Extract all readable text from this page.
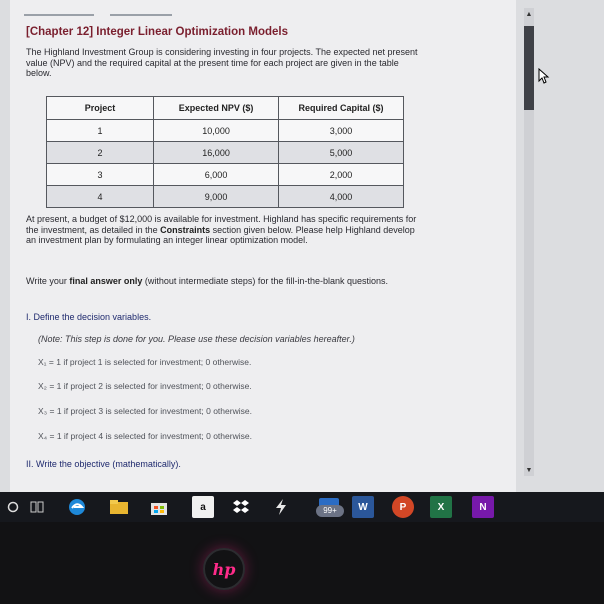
[Chapter 12] Integer Linear Optimization Models
The Highland Investment Group is considering investing in four projects. The expected net present value (NPV) and the required capital at the present time for each project are given in the table below.
Project	Expected NPV ($)	Required Capital ($)
1	10,000	3,000
2	16,000	5,000
3	6,000	2,000
4	9,000	4,000
At present, a budget of $12,000 is available for investment. Highland has specific requirements for the investment, as detailed in the Constraints section given below. Please help Highland develop an investment plan by formulating an integer linear optimization model.
Write your final answer only (without intermediate steps) for the fill-in-the-blank questions.
I. Define the decision variables.
(Note: This step is done for you. Please use these decision variables hereafter.)
X₁ = 1 if project 1 is selected for investment; 0 otherwise.
X₂ = 1 if project 2 is selected for investment; 0 otherwise.
X₃ = 1 if project 3 is selected for investment; 0 otherwise.
X₄ = 1 if project 4 is selected for investment; 0 otherwise.
II. Write the objective (mathematically).
▲
▼
a	W	P	X	N
99+
hp
